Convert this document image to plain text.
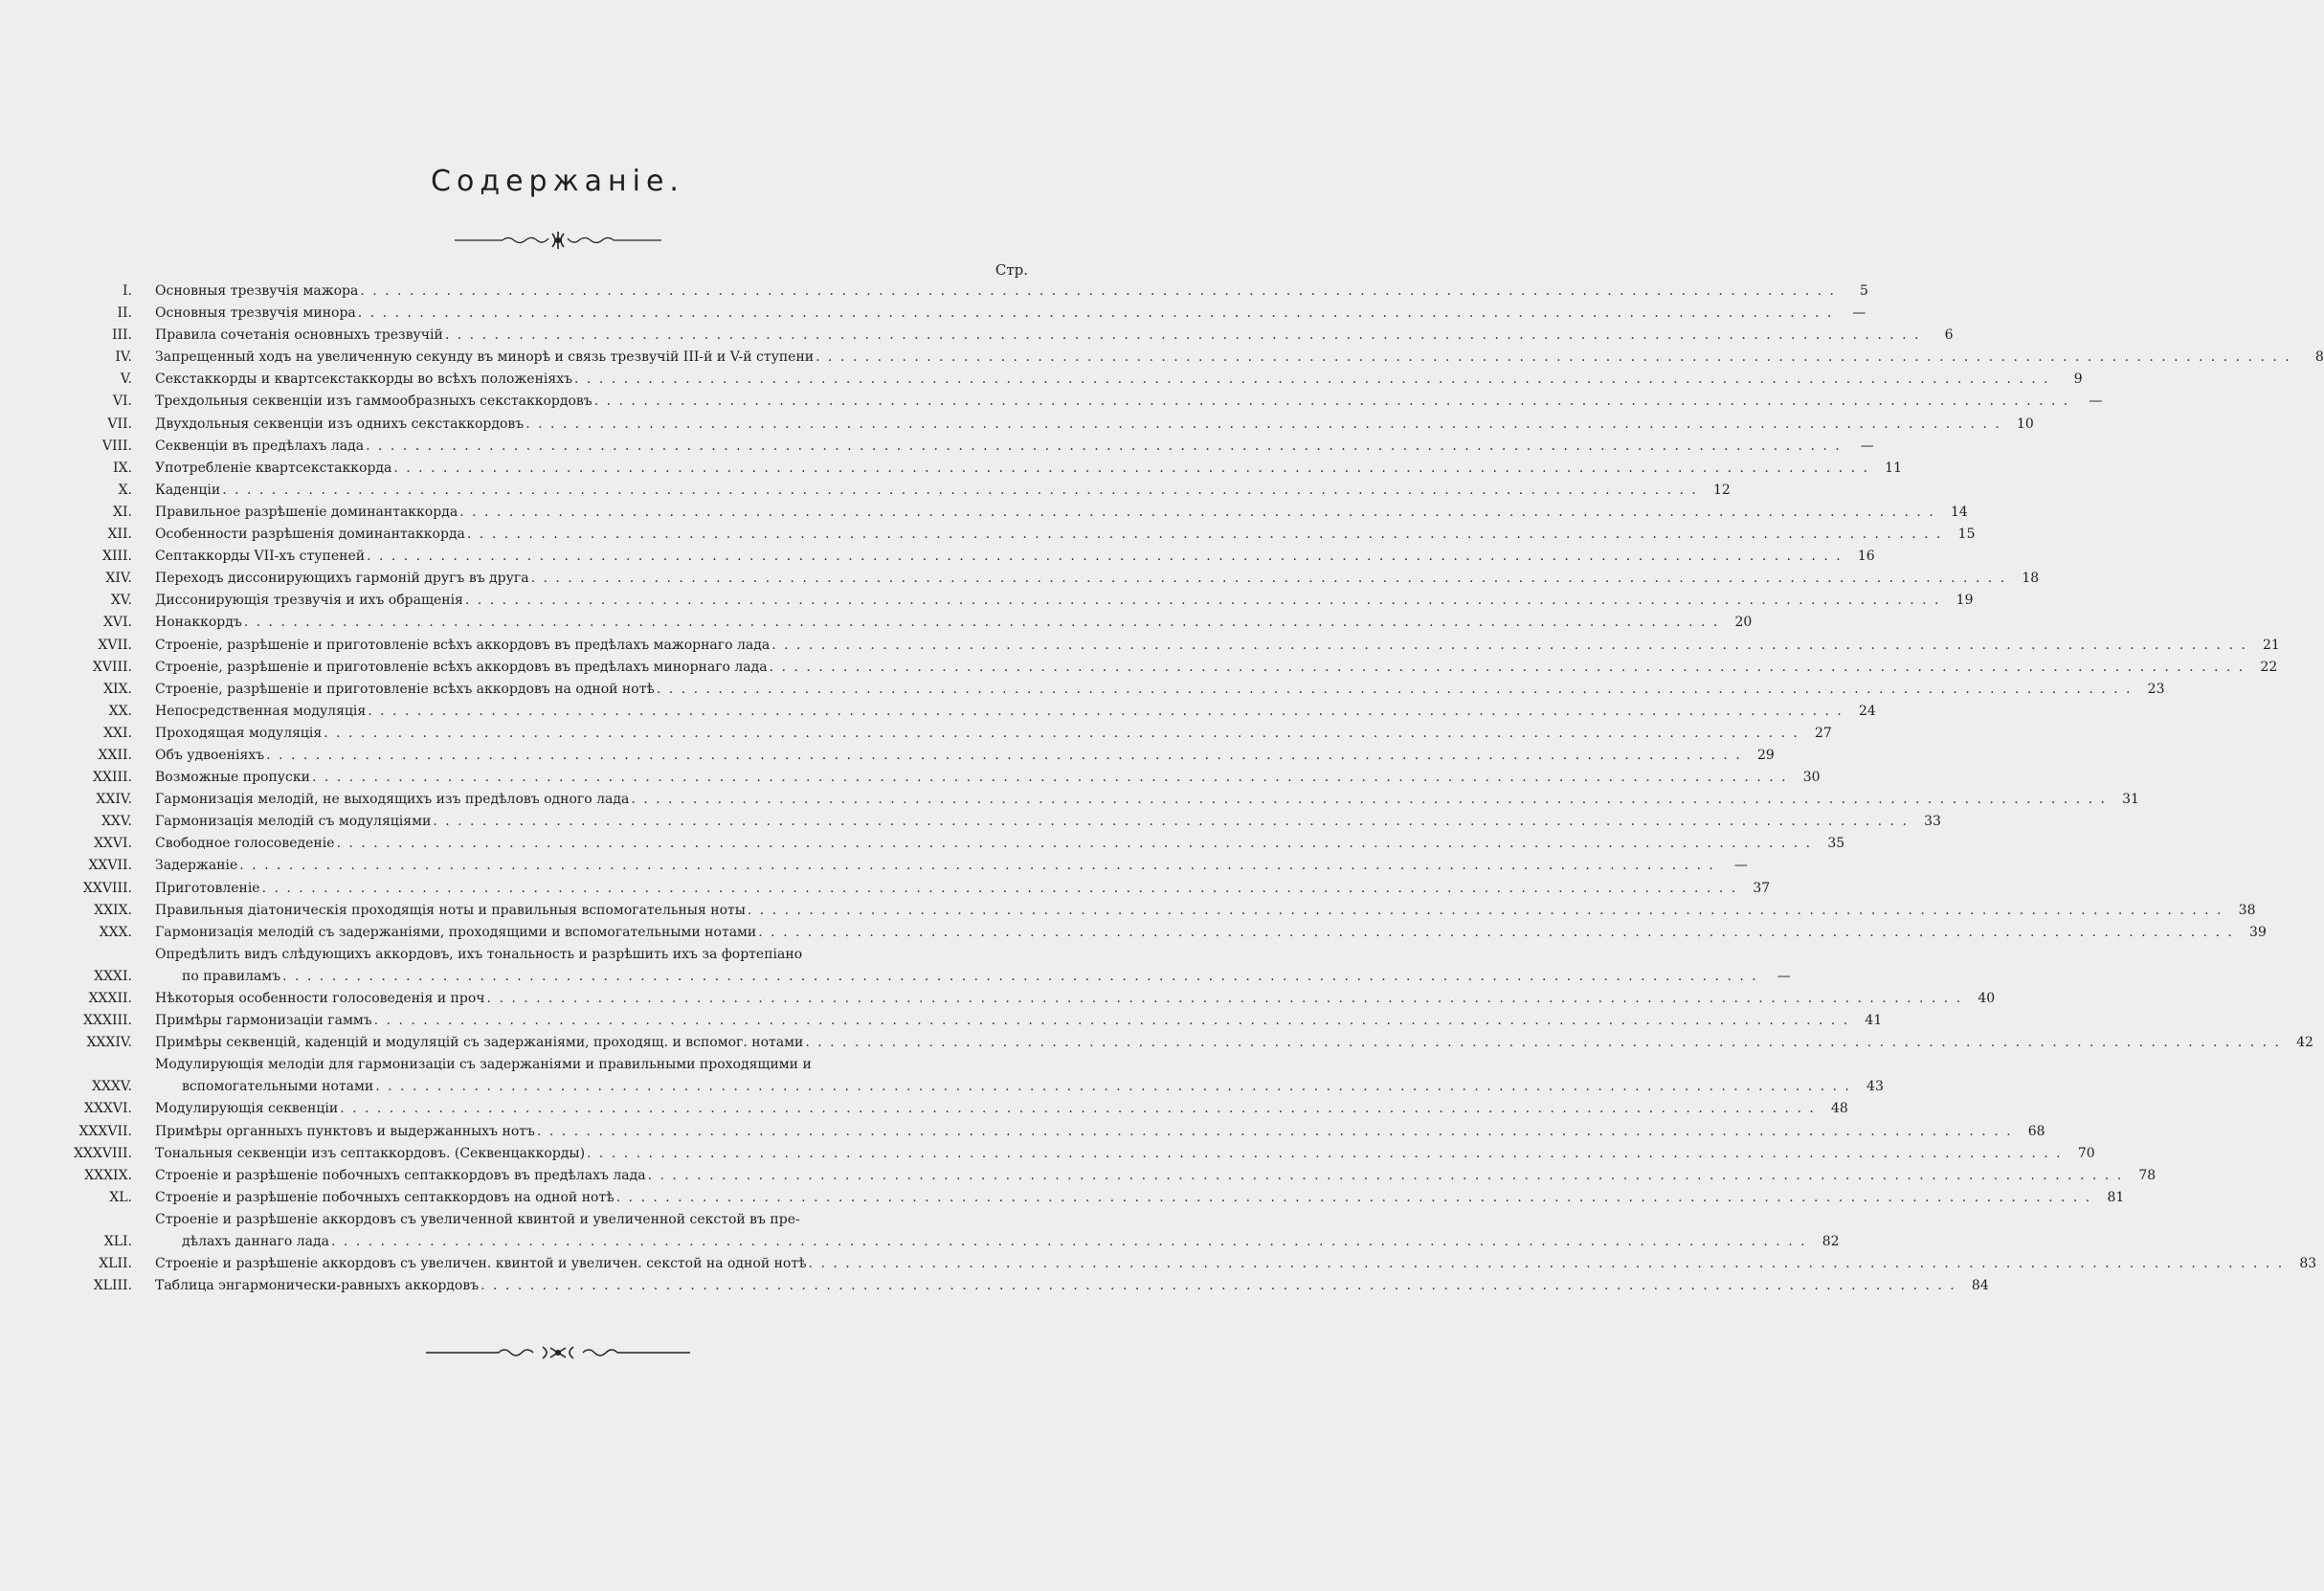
Содержаніе.
Стр.
I.	Основныя трезвучія мажора . . . . . . . . . . . . . . . . . . . . . . . . . . . . . . . . . . . . . . . . . . . . . . . . . . . . . . . . . . . . . . . . . . . . . . . . . . . . . . . . . . . . . . . . . . . . . . . . . . . . . . . . . . . . . . . . . . . . . . . .	5
II.	Основныя трезвучія минора . . . . . . . . . . . . . . . . . . . . . . . . . . . . . . . . . . . . . . . . . . . . . . . . . . . . . . . . . . . . . . . . . . . . . . . . . . . . . . . . . . . . . . . . . . . . . . . . . . . . . . . . . . . . . . . . . . . . . . . .	—
III.	Правила сочетанія основныхъ трезвучій . . . . . . . . . . . . . . . . . . . . . . . . . . . . . . . . . . . . . . . . . . . . . . . . . . . . . . . . . . . . . . . . . . . . . . . . . . . . . . . . . . . . . . . . . . . . . . . . . . . . . . . . . . . . . . . . . . . . . . . .	6
IV.	Запрещенный ходъ на увеличенную секунду въ минорѣ и связь трезвучій III-й и V-й ступени . . . . . . . . . . . . . . . . . . . . . . . . . . . . . . . . . . . . . . . . . . . . . . . . . . . . . . . . . . . . . . . . . . . . . . . . . . . . . . . . . . . . . . . . . . . . . . . . . . . . . . . . . . . . . . . . . . . . . . . .	8
V.	Секстаккорды и квартсекстаккорды во всѣхъ положеніяхъ . . . . . . . . . . . . . . . . . . . . . . . . . . . . . . . . . . . . . . . . . . . . . . . . . . . . . . . . . . . . . . . . . . . . . . . . . . . . . . . . . . . . . . . . . . . . . . . . . . . . . . . . . . . . . . . . . . . . . . . .	9
VI.	Трехдольныя секвенціи изъ гаммообразныхъ секстаккордовъ . . . . . . . . . . . . . . . . . . . . . . . . . . . . . . . . . . . . . . . . . . . . . . . . . . . . . . . . . . . . . . . . . . . . . . . . . . . . . . . . . . . . . . . . . . . . . . . . . . . . . . . . . . . . . . . . . . . . . . . .	—
VII.	Двухдольныя секвенціи изъ однихъ секстаккордовъ . . . . . . . . . . . . . . . . . . . . . . . . . . . . . . . . . . . . . . . . . . . . . . . . . . . . . . . . . . . . . . . . . . . . . . . . . . . . . . . . . . . . . . . . . . . . . . . . . . . . . . . . . . . . . . . . . . . . . . . .	10
VIII.	Секвенціи въ предѣлахъ лада . . . . . . . . . . . . . . . . . . . . . . . . . . . . . . . . . . . . . . . . . . . . . . . . . . . . . . . . . . . . . . . . . . . . . . . . . . . . . . . . . . . . . . . . . . . . . . . . . . . . . . . . . . . . . . . . . . . . . . . .	—
IX.	Употребленіе квартсекстаккорда . . . . . . . . . . . . . . . . . . . . . . . . . . . . . . . . . . . . . . . . . . . . . . . . . . . . . . . . . . . . . . . . . . . . . . . . . . . . . . . . . . . . . . . . . . . . . . . . . . . . . . . . . . . . . . . . . . . . . . . .	11
X.	Каденціи . . . . . . . . . . . . . . . . . . . . . . . . . . . . . . . . . . . . . . . . . . . . . . . . . . . . . . . . . . . . . . . . . . . . . . . . . . . . . . . . . . . . . . . . . . . . . . . . . . . . . . . . . . . . . . . . . . . . . . . .	12
XI.	Правильное разрѣшеніе доминантаккорда . . . . . . . . . . . . . . . . . . . . . . . . . . . . . . . . . . . . . . . . . . . . . . . . . . . . . . . . . . . . . . . . . . . . . . . . . . . . . . . . . . . . . . . . . . . . . . . . . . . . . . . . . . . . . . . . . . . . . . . .	14
XII.	Особенности разрѣшенія доминантаккорда . . . . . . . . . . . . . . . . . . . . . . . . . . . . . . . . . . . . . . . . . . . . . . . . . . . . . . . . . . . . . . . . . . . . . . . . . . . . . . . . . . . . . . . . . . . . . . . . . . . . . . . . . . . . . . . . . . . . . . . .	15
XIII.	Септаккорды VII-хъ ступеней . . . . . . . . . . . . . . . . . . . . . . . . . . . . . . . . . . . . . . . . . . . . . . . . . . . . . . . . . . . . . . . . . . . . . . . . . . . . . . . . . . . . . . . . . . . . . . . . . . . . . . . . . . . . . . . . . . . . . . . .	16
XIV.	Переходъ диссонирующихъ гармоній другъ въ друга . . . . . . . . . . . . . . . . . . . . . . . . . . . . . . . . . . . . . . . . . . . . . . . . . . . . . . . . . . . . . . . . . . . . . . . . . . . . . . . . . . . . . . . . . . . . . . . . . . . . . . . . . . . . . . . . . . . . . . . .	18
XV.	Диссонирующія трезвучія и ихъ обращенія . . . . . . . . . . . . . . . . . . . . . . . . . . . . . . . . . . . . . . . . . . . . . . . . . . . . . . . . . . . . . . . . . . . . . . . . . . . . . . . . . . . . . . . . . . . . . . . . . . . . . . . . . . . . . . . . . . . . . . . .	19
XVI.	Нонаккордъ . . . . . . . . . . . . . . . . . . . . . . . . . . . . . . . . . . . . . . . . . . . . . . . . . . . . . . . . . . . . . . . . . . . . . . . . . . . . . . . . . . . . . . . . . . . . . . . . . . . . . . . . . . . . . . . . . . . . . . . .	20
XVII.	Строеніе, разрѣшеніе и приготовленіе всѣхъ аккордовъ въ предѣлахъ мажорнаго лада . . . . . . . . . . . . . . . . . . . . . . . . . . . . . . . . . . . . . . . . . . . . . . . . . . . . . . . . . . . . . . . . . . . . . . . . . . . . . . . . . . . . . . . . . . . . . . . . . . . . . . . . . . . . . . . . . . . . . . . .	21
XVIII.	Строеніе, разрѣшеніе и приготовленіе всѣхъ аккордовъ въ предѣлахъ минорнаго лада . . . . . . . . . . . . . . . . . . . . . . . . . . . . . . . . . . . . . . . . . . . . . . . . . . . . . . . . . . . . . . . . . . . . . . . . . . . . . . . . . . . . . . . . . . . . . . . . . . . . . . . . . . . . . . . . . . . . . . . .	22
XIX.	Строеніе, разрѣшеніе и приготовленіе всѣхъ аккордовъ на одной нотѣ . . . . . . . . . . . . . . . . . . . . . . . . . . . . . . . . . . . . . . . . . . . . . . . . . . . . . . . . . . . . . . . . . . . . . . . . . . . . . . . . . . . . . . . . . . . . . . . . . . . . . . . . . . . . . . . . . . . . . . . .	23
XX.	Непосредственная модуляція . . . . . . . . . . . . . . . . . . . . . . . . . . . . . . . . . . . . . . . . . . . . . . . . . . . . . . . . . . . . . . . . . . . . . . . . . . . . . . . . . . . . . . . . . . . . . . . . . . . . . . . . . . . . . . . . . . . . . . . .	24
XXI.	Проходящая модуляція . . . . . . . . . . . . . . . . . . . . . . . . . . . . . . . . . . . . . . . . . . . . . . . . . . . . . . . . . . . . . . . . . . . . . . . . . . . . . . . . . . . . . . . . . . . . . . . . . . . . . . . . . . . . . . . . . . . . . . . .	27
XXII.	Объ удвоеніяхъ . . . . . . . . . . . . . . . . . . . . . . . . . . . . . . . . . . . . . . . . . . . . . . . . . . . . . . . . . . . . . . . . . . . . . . . . . . . . . . . . . . . . . . . . . . . . . . . . . . . . . . . . . . . . . . . . . . . . . . . .	29
XXIII.	Возможные пропуски . . . . . . . . . . . . . . . . . . . . . . . . . . . . . . . . . . . . . . . . . . . . . . . . . . . . . . . . . . . . . . . . . . . . . . . . . . . . . . . . . . . . . . . . . . . . . . . . . . . . . . . . . . . . . . . . . . . . . . . .	30
XXIV.	Гармонизація мелодій, не выходящихъ изъ предѣловъ одного лада . . . . . . . . . . . . . . . . . . . . . . . . . . . . . . . . . . . . . . . . . . . . . . . . . . . . . . . . . . . . . . . . . . . . . . . . . . . . . . . . . . . . . . . . . . . . . . . . . . . . . . . . . . . . . . . . . . . . . . . .	31
XXV.	Гармонизація мелодій съ модуляціями . . . . . . . . . . . . . . . . . . . . . . . . . . . . . . . . . . . . . . . . . . . . . . . . . . . . . . . . . . . . . . . . . . . . . . . . . . . . . . . . . . . . . . . . . . . . . . . . . . . . . . . . . . . . . . . . . . . . . . . .	33
XXVI.	Свободное голосоведеніе . . . . . . . . . . . . . . . . . . . . . . . . . . . . . . . . . . . . . . . . . . . . . . . . . . . . . . . . . . . . . . . . . . . . . . . . . . . . . . . . . . . . . . . . . . . . . . . . . . . . . . . . . . . . . . . . . . . . . . . .	35
XXVII.	Задержаніе . . . . . . . . . . . . . . . . . . . . . . . . . . . . . . . . . . . . . . . . . . . . . . . . . . . . . . . . . . . . . . . . . . . . . . . . . . . . . . . . . . . . . . . . . . . . . . . . . . . . . . . . . . . . . . . . . . . . . . . .	—
XXVIII.	Приготовленіе . . . . . . . . . . . . . . . . . . . . . . . . . . . . . . . . . . . . . . . . . . . . . . . . . . . . . . . . . . . . . . . . . . . . . . . . . . . . . . . . . . . . . . . . . . . . . . . . . . . . . . . . . . . . . . . . . . . . . . . .	37
XXIX.	Правильныя діатоническія проходящія ноты и правильныя вспомогательныя ноты . . . . . . . . . . . . . . . . . . . . . . . . . . . . . . . . . . . . . . . . . . . . . . . . . . . . . . . . . . . . . . . . . . . . . . . . . . . . . . . . . . . . . . . . . . . . . . . . . . . . . . . . . . . . . . . . . . . . . . . .	38
XXX.	Гармонизація мелодій съ задержаніями, проходящими и вспомогательными нотами . . . . . . . . . . . . . . . . . . . . . . . . . . . . . . . . . . . . . . . . . . . . . . . . . . . . . . . . . . . . . . . . . . . . . . . . . . . . . . . . . . . . . . . . . . . . . . . . . . . . . . . . . . . . . . . . . . . . . . . .	39
XXXI.
Опредѣлить видъ слѣдующихъ аккордовъ, ихъ тональность и разрѣшить ихъ за фортепіано
по правиламъ . . . . . . . . . . . . . . . . . . . . . . . . . . . . . . . . . . . . . . . . . . . . . . . . . . . . . . . . . . . . . . . . . . . . . . . . . . . . . . . . . . . . . . . . . . . . . . . . . . . . . . . . . . . . . . . . . . . . . . . .	—
XXXII.	Нѣкоторыя особенности голосоведенія и проч . . . . . . . . . . . . . . . . . . . . . . . . . . . . . . . . . . . . . . . . . . . . . . . . . . . . . . . . . . . . . . . . . . . . . . . . . . . . . . . . . . . . . . . . . . . . . . . . . . . . . . . . . . . . . . . . . . . . . . . .	40
XXXIII.	Примѣры гармонизаціи гаммъ . . . . . . . . . . . . . . . . . . . . . . . . . . . . . . . . . . . . . . . . . . . . . . . . . . . . . . . . . . . . . . . . . . . . . . . . . . . . . . . . . . . . . . . . . . . . . . . . . . . . . . . . . . . . . . . . . . . . . . . .	41
XXXIV.	Примѣры секвенцій, каденцій и модуляцій съ задержаніями, проходящ. и вспомог. нотами . . . . . . . . . . . . . . . . . . . . . . . . . . . . . . . . . . . . . . . . . . . . . . . . . . . . . . . . . . . . . . . . . . . . . . . . . . . . . . . . . . . . . . . . . . . . . . . . . . . . . . . . . . . . . . . . . . . . . . . .	42
XXXV.
Модулирующія мелодіи для гармонизаціи съ задержаніями и правильными проходящими и
вспомогательными нотами . . . . . . . . . . . . . . . . . . . . . . . . . . . . . . . . . . . . . . . . . . . . . . . . . . . . . . . . . . . . . . . . . . . . . . . . . . . . . . . . . . . . . . . . . . . . . . . . . . . . . . . . . . . . . . . . . . . . . . . .	43
XXXVI.	Модулирующія секвенціи . . . . . . . . . . . . . . . . . . . . . . . . . . . . . . . . . . . . . . . . . . . . . . . . . . . . . . . . . . . . . . . . . . . . . . . . . . . . . . . . . . . . . . . . . . . . . . . . . . . . . . . . . . . . . . . . . . . . . . . .	48
XXXVII.	Примѣры органныхъ пунктовъ и выдержанныхъ нотъ . . . . . . . . . . . . . . . . . . . . . . . . . . . . . . . . . . . . . . . . . . . . . . . . . . . . . . . . . . . . . . . . . . . . . . . . . . . . . . . . . . . . . . . . . . . . . . . . . . . . . . . . . . . . . . . . . . . . . . . .	68
XXXVIII.	Тональныя секвенціи изъ септаккордовъ. (Секвенцаккорды) . . . . . . . . . . . . . . . . . . . . . . . . . . . . . . . . . . . . . . . . . . . . . . . . . . . . . . . . . . . . . . . . . . . . . . . . . . . . . . . . . . . . . . . . . . . . . . . . . . . . . . . . . . . . . . . . . . . . . . . .	70
XXXIX.	Строеніе и разрѣшеніе побочныхъ септаккордовъ въ предѣлахъ лада . . . . . . . . . . . . . . . . . . . . . . . . . . . . . . . . . . . . . . . . . . . . . . . . . . . . . . . . . . . . . . . . . . . . . . . . . . . . . . . . . . . . . . . . . . . . . . . . . . . . . . . . . . . . . . . . . . . . . . . .	78
XL.	Строеніе и разрѣшеніе побочныхъ септаккордовъ на одной нотѣ . . . . . . . . . . . . . . . . . . . . . . . . . . . . . . . . . . . . . . . . . . . . . . . . . . . . . . . . . . . . . . . . . . . . . . . . . . . . . . . . . . . . . . . . . . . . . . . . . . . . . . . . . . . . . . . . . . . . . . . .	81
XLI.
Строеніе и разрѣшеніе аккордовъ съ увеличенной квинтой и увеличенной секстой въ пре-
дѣлахъ даннаго лада . . . . . . . . . . . . . . . . . . . . . . . . . . . . . . . . . . . . . . . . . . . . . . . . . . . . . . . . . . . . . . . . . . . . . . . . . . . . . . . . . . . . . . . . . . . . . . . . . . . . . . . . . . . . . . . . . . . . . . . .	82
XLII.	Строеніе и разрѣшеніе аккордовъ съ увеличен. квинтой и увеличен. секстой на одной нотѣ . . . . . . . . . . . . . . . . . . . . . . . . . . . . . . . . . . . . . . . . . . . . . . . . . . . . . . . . . . . . . . . . . . . . . . . . . . . . . . . . . . . . . . . . . . . . . . . . . . . . . . . . . . . . . . . . . . . . . . . .	83
XLIII.	Таблица энгармонически-равныхъ аккордовъ . . . . . . . . . . . . . . . . . . . . . . . . . . . . . . . . . . . . . . . . . . . . . . . . . . . . . . . . . . . . . . . . . . . . . . . . . . . . . . . . . . . . . . . . . . . . . . . . . . . . . . . . . . . . . . . . . . . . . . . .	84
